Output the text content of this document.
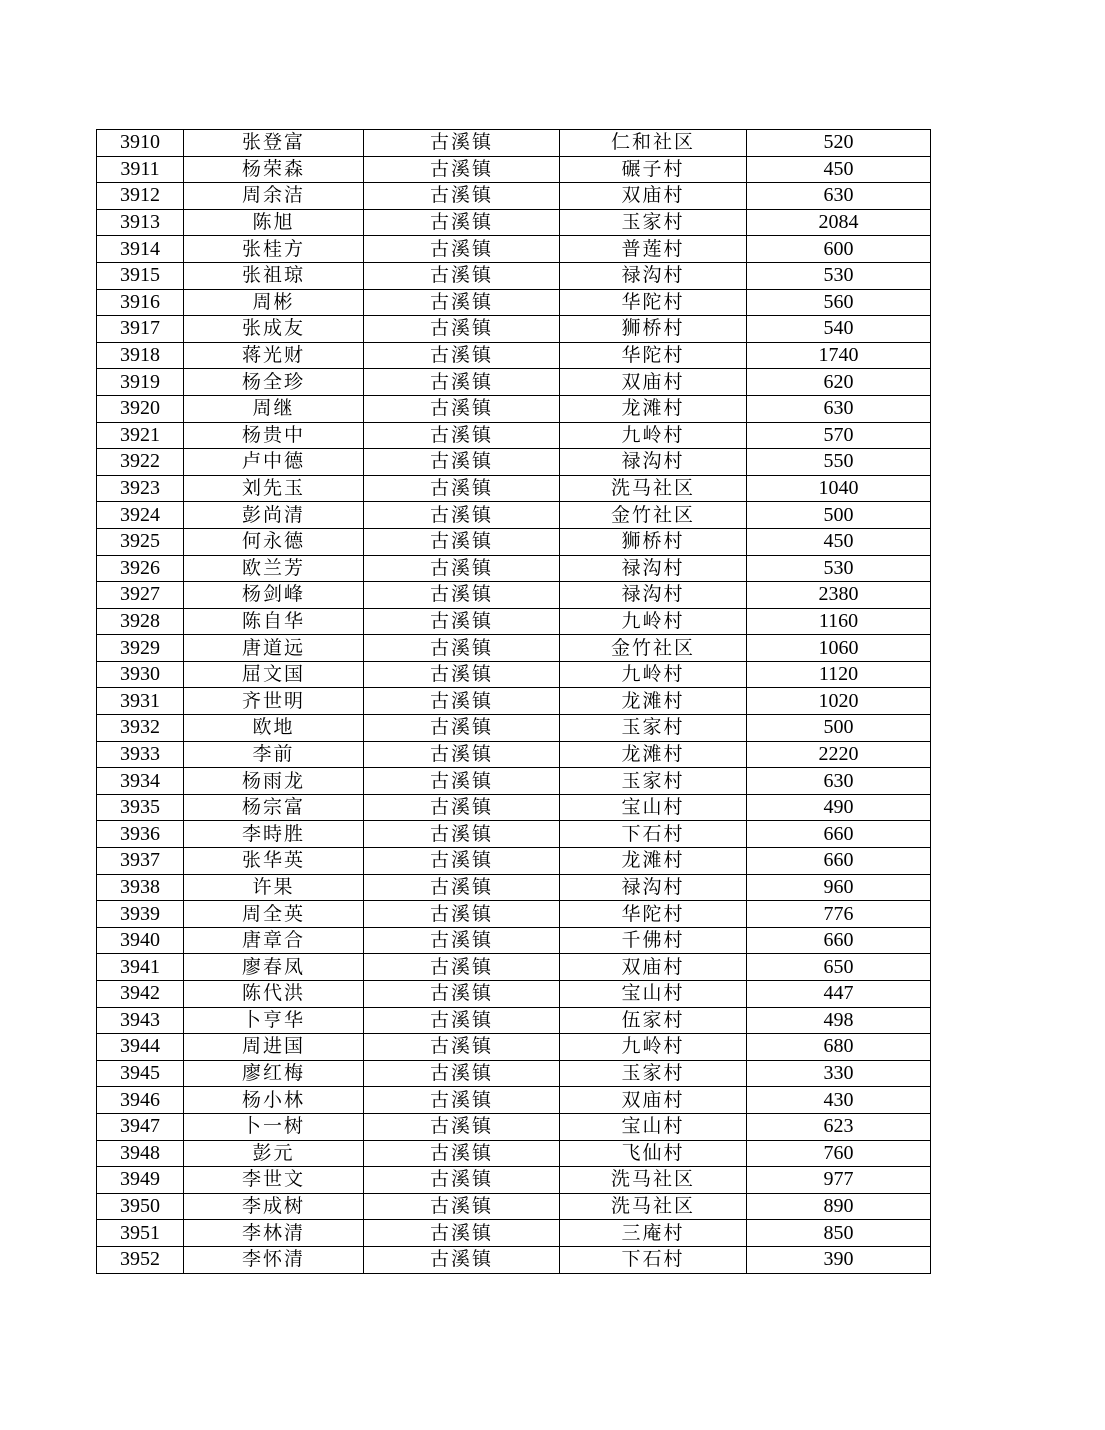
3910	张登富	古溪镇	仁和社区	520
3911	杨荣森	古溪镇	碾子村	450
3912	周余洁	古溪镇	双庙村	630
3913	陈旭	古溪镇	玉家村	2084
3914	张桂方	古溪镇	普莲村	600
3915	张祖琼	古溪镇	禄沟村	530
3916	周彬	古溪镇	华陀村	560
3917	张成友	古溪镇	狮桥村	540
3918	蒋光财	古溪镇	华陀村	1740
3919	杨全珍	古溪镇	双庙村	620
3920	周继	古溪镇	龙滩村	630
3921	杨贵中	古溪镇	九岭村	570
3922	卢中德	古溪镇	禄沟村	550
3923	刘先玉	古溪镇	洗马社区	1040
3924	彭尚清	古溪镇	金竹社区	500
3925	何永德	古溪镇	狮桥村	450
3926	欧兰芳	古溪镇	禄沟村	530
3927	杨剑峰	古溪镇	禄沟村	2380
3928	陈自华	古溪镇	九岭村	1160
3929	唐道远	古溪镇	金竹社区	1060
3930	屈文国	古溪镇	九岭村	1120
3931	齐世明	古溪镇	龙滩村	1020
3932	欧地	古溪镇	玉家村	500
3933	李前	古溪镇	龙滩村	2220
3934	杨雨龙	古溪镇	玉家村	630
3935	杨宗富	古溪镇	宝山村	490
3936	李時胜	古溪镇	下石村	660
3937	张华英	古溪镇	龙滩村	660
3938	许果	古溪镇	禄沟村	960
3939	周全英	古溪镇	华陀村	776
3940	唐章合	古溪镇	千佛村	660
3941	廖春凤	古溪镇	双庙村	650
3942	陈代洪	古溪镇	宝山村	447
3943	卜亨华	古溪镇	伍家村	498
3944	周进国	古溪镇	九岭村	680
3945	廖红梅	古溪镇	玉家村	330
3946	杨小林	古溪镇	双庙村	430
3947	卜一树	古溪镇	宝山村	623
3948	彭元	古溪镇	飞仙村	760
3949	李世文	古溪镇	洗马社区	977
3950	李成树	古溪镇	洗马社区	890
3951	李林清	古溪镇	三庵村	850
3952	李怀清	古溪镇	下石村	390
